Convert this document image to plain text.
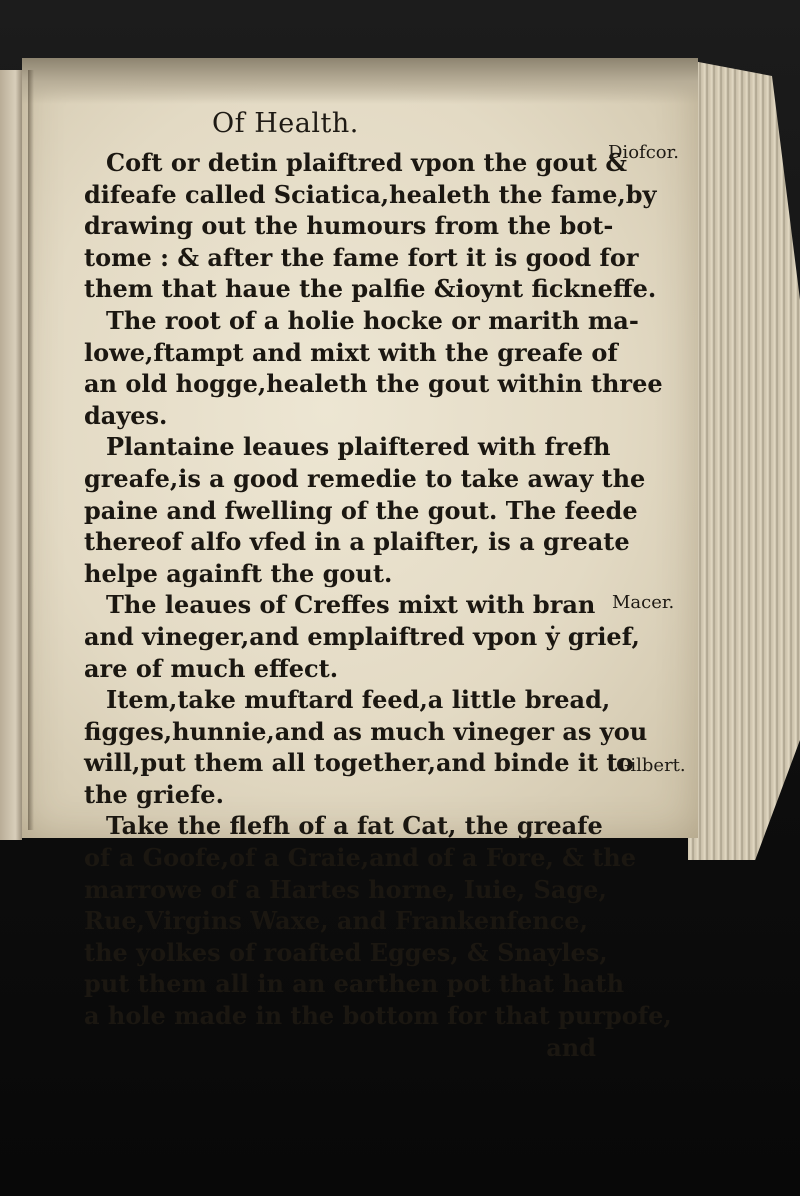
Of Health.
Coft or detin plaiftred vpon the gout &
difeafe called Sciatica,healeth the fame,by
drawing out the humours from the bot-
tome : & after the fame fort it is good for
them that haue the palfie &ioynt fickneffe.
The root of a holie hocke or marith ma-
lowe,ftampt and mixt with the greafe of
an old hogge,healeth the gout within three
dayes.
Plantaine leaues plaiftered with frefh
greafe,is a good remedie to take away the
paine and fwelling of the gout. The feede
thereof alfo vfed in a plaifter, is a greate
helpe againft the gout.
The leaues of Creffes mixt with bran
and vineger,and emplaiftred vpon ẏ grief,
are of much effect.
Item,take muftard feed,a little bread,
figges,hunnie,and as much vineger as you
will,put them all together,and binde it to
the griefe.
Take the flefh of a fat Cat, the greafe
of a Goofe,of a Graie,and of a Fore, & the
marrowe of a Hartes horne, Iuie, Sage,
Rue,Virgins Waxe, and Frankenfence,
the yolkes of roafted Egges, & Snayles,
put them all in an earthen pot that hath
a hole made in the bottom for that purpofe,
and
Diofcor.
Macer.
Gilbert.
